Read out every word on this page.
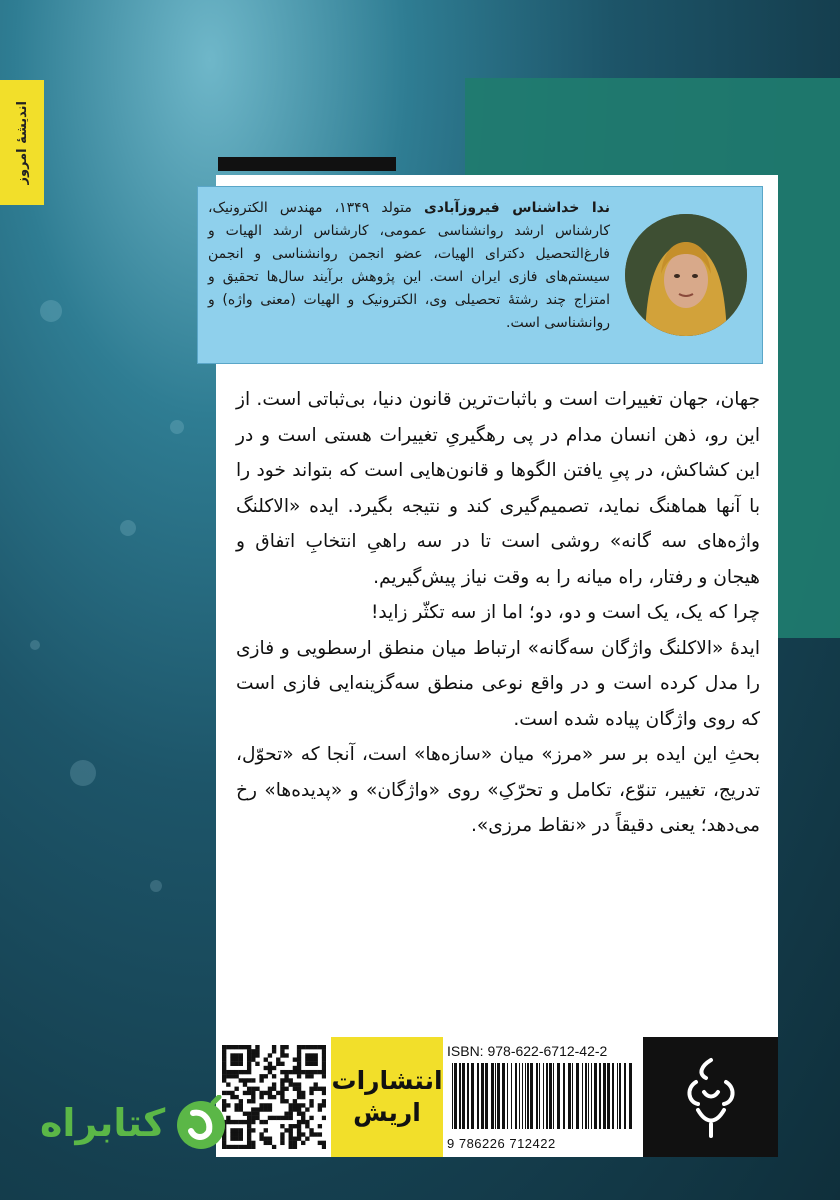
اندیشهٔ امروز
ندا خداشناس فیروزآبادی متولد ۱۳۴۹، مهندس الکترونیک، کارشناس ارشد روانشناسی عمومی، کارشناس ارشد الهیات و فارغ‌التحصیل دکترای الهیات، عضو انجمن روانشناسی و انجمن سیستم‌های فازی ایران است. این پژوهش برآیند سال‌ها تحقیق و امتزاج چند رشتهٔ تحصیلی وی، الکترونیک و الهیات (معنی واژه) و روانشناسی است.

جهان، جهان تغییرات است و باثبات‌ترین قانون دنیا، بی‌ثباتی است. از این رو، ذهن انسان مدام در پی رهگیریِ تغییرات هستی است و در این کشاکش، در پیِ یافتن الگوها و قانون‌هایی است که بتواند خود را با آنها هماهنگ نماید، تصمیم‌گیری کند و نتیجه بگیرد. ایده «الاکلنگ واژه‌های سه گانه» روشی است تا در سه راهیِ انتخابِ اتفاق و هیجان و رفتار، راه میانه را به وقت نیاز پیش‌گیریم.

چرا که یک، یک است و دو، دو؛ اما از سه تکثّر زاید!

ایدهٔ «الاکلنگ واژگان سه‌گانه» ارتباط میان منطق ارسطویی و فازی را مدل کرده است و در واقع نوعی منطق سه‌گزینه‌ایی فازی است که روی واژگان پیاده شده است.

بحثِ این ایده بر سر «مرز» میان «سازه‌ها» است، آنجا که «تحوّل، تدریج، تغییر، تنوّع، تکامل و تحرّکِ» روی «واژگان» و «پدیده‌ها» رخ می‌دهد؛ یعنی دقیقاً در «نقاط مرزی».

انتشارات
اریش
ISBN: 978-622-6712-42-2
9 786226 712422
کتابراه
